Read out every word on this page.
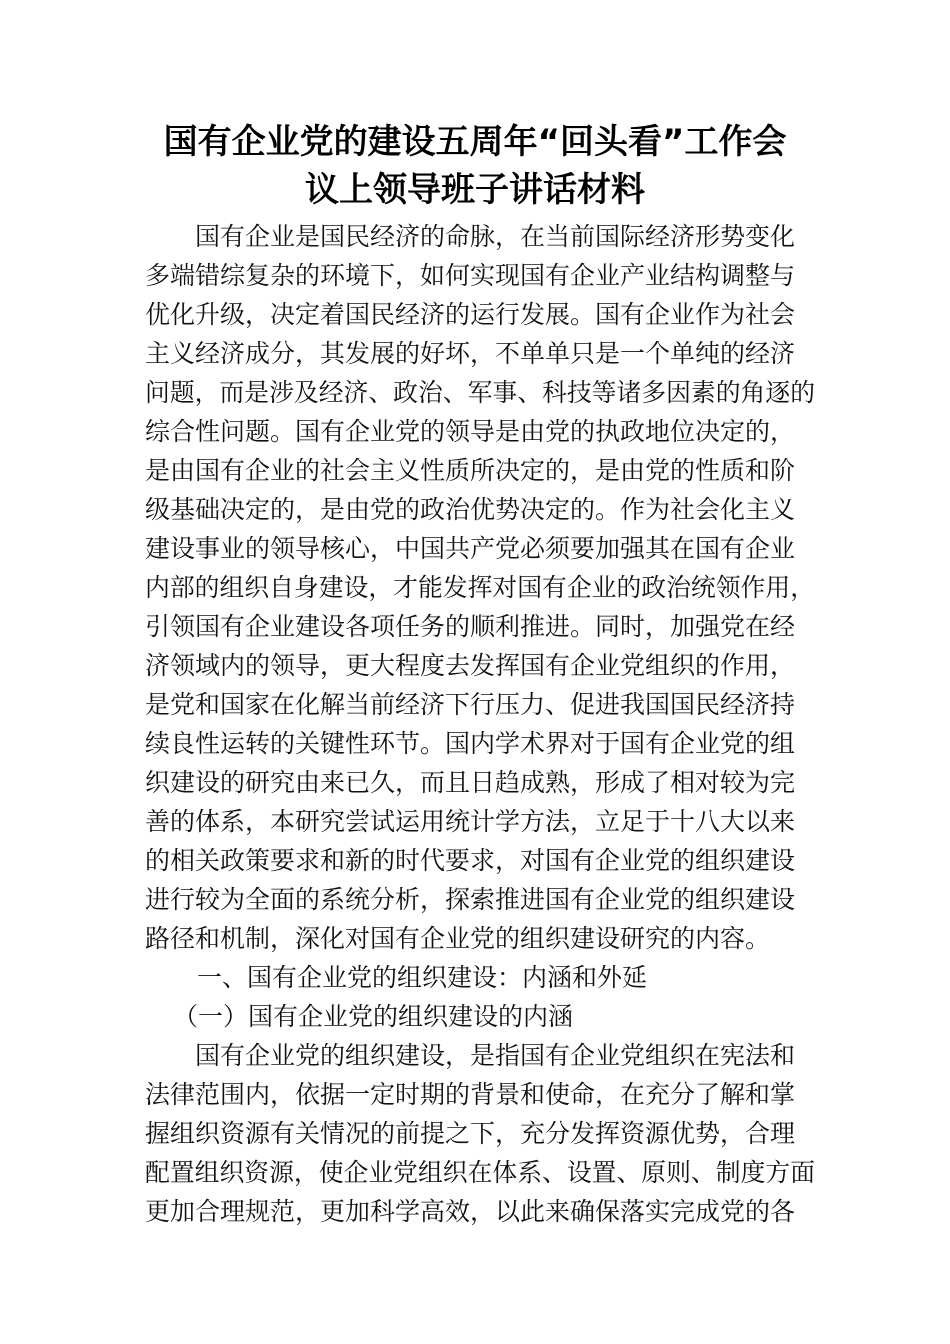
国有企业党的建设五周年“回头看”工作会
议上领导班子讲话材料
国有企业是国民经济的命脉，在当前国际经济形势变化
多端错综复杂的环境下，如何实现国有企业产业结构调整与
优化升级，决定着国民经济的运行发展。国有企业作为社会
主义经济成分，其发展的好坏，不单单只是一个单纯的经济
问题，而是涉及经济、政治、军事、科技等诸多因素的角逐的
综合性问题。国有企业党的领导是由党的执政地位决定的，
是由国有企业的社会主义性质所决定的，是由党的性质和阶
级基础决定的，是由党的政治优势决定的。作为社会化主义
建设事业的领导核心，中国共产党必须要加强其在国有企业
内部的组织自身建设，才能发挥对国有企业的政治统领作用，
引领国有企业建设各项任务的顺利推进。同时，加强党在经
济领域内的领导，更大程度去发挥国有企业党组织的作用，
是党和国家在化解当前经济下行压力、促进我国国民经济持
续良性运转的关键性环节。国内学术界对于国有企业党的组
织建设的研究由来已久，而且日趋成熟，形成了相对较为完
善的体系，本研究尝试运用统计学方法，立足于十八大以来
的相关政策要求和新的时代要求，对国有企业党的组织建设
进行较为全面的系统分析，探索推进国有企业党的组织建设
路径和机制，深化对国有企业党的组织建设研究的内容。
一、国有企业党的组织建设：内涵和外延
（一）国有企业党的组织建设的内涵
国有企业党的组织建设，是指国有企业党组织在宪法和
法律范围内，依据一定时期的背景和使命，在充分了解和掌
握组织资源有关情况的前提之下，充分发挥资源优势，合理
配置组织资源，使企业党组织在体系、设置、原则、制度方面
更加合理规范，更加科学高效，以此来确保落实完成党的各
